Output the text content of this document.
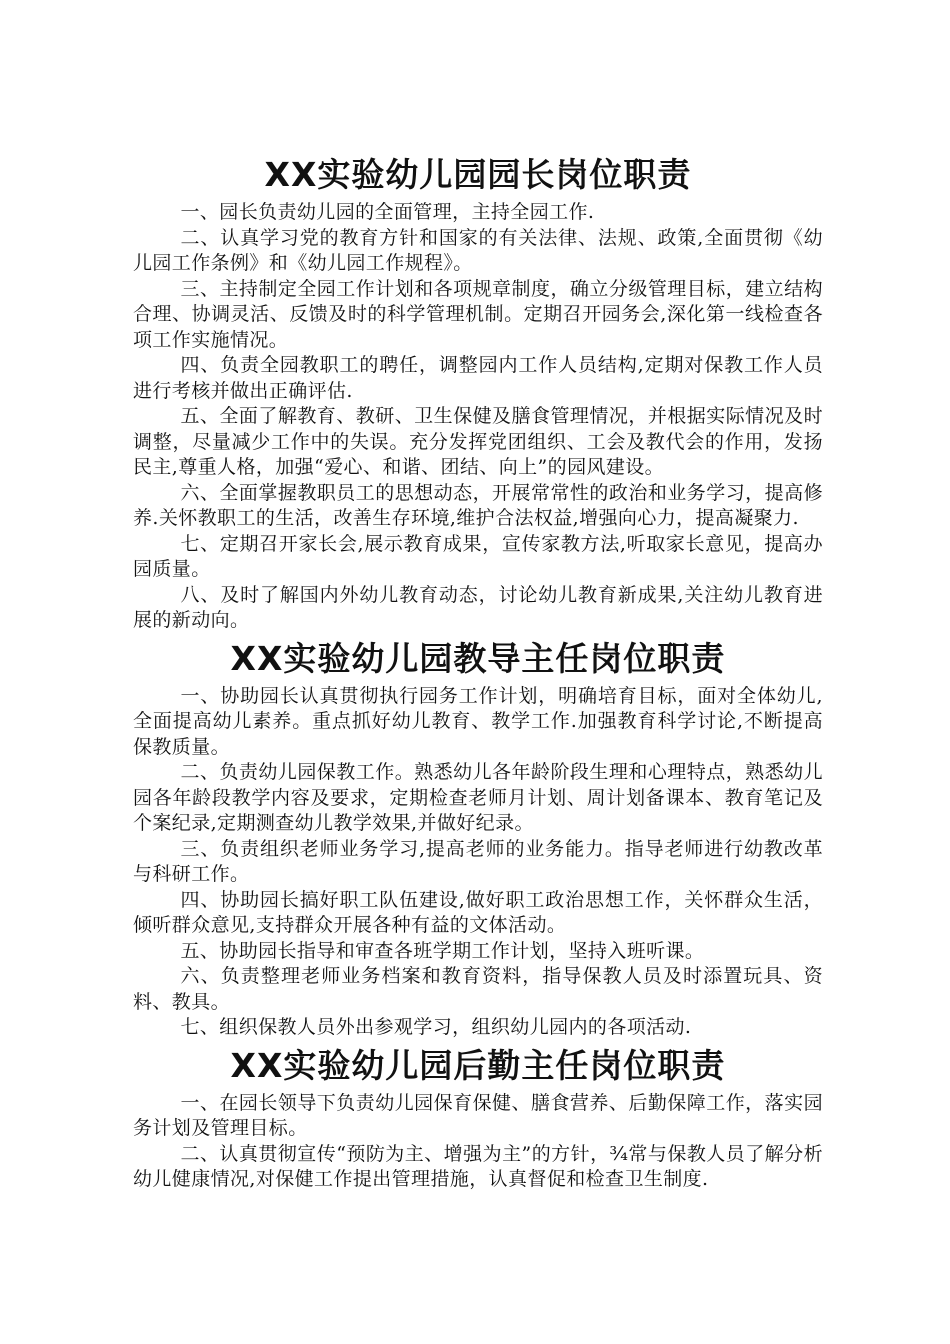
XX实验幼儿园园长岗位职责

一、园长负责幼儿园的全面管理，主持全园工作.

二、认真学习党的教育方针和国家的有关法律、法规、政策,全面贯彻《幼儿园工作条例》和《幼儿园工作规程》。

三、主持制定全园工作计划和各项规章制度，确立分级管理目标，建立结构合理、协调灵活、反馈及时的科学管理机制。定期召开园务会,深化第一线检查各项工作实施情况。

四、负责全园教职工的聘任，调整园内工作人员结构,定期对保教工作人员进行考核并做出正确评估.

五、全面了解教育、教研、卫生保健及膳食管理情况，并根据实际情况及时调整，尽量减少工作中的失误。充分发挥党团组织、工会及教代会的作用，发扬民主,尊重人格，加强“爱心、和谐、团结、向上”的园风建设。

六、全面掌握教职员工的思想动态，开展常常性的政治和业务学习，提高修养.关怀教职工的生活，改善生存环境,维护合法权益,增强向心力，提高凝聚力.

七、定期召开家长会,展示教育成果，宣传家教方法,听取家长意见，提高办园质量。

八、及时了解国内外幼儿教育动态，讨论幼儿教育新成果,关注幼儿教育进展的新动向。

XX实验幼儿园教导主任岗位职责

一、协助园长认真贯彻执行园务工作计划，明确培育目标，面对全体幼儿,全面提高幼儿素养。重点抓好幼儿教育、教学工作.加强教育科学讨论,不断提高保教质量。

二、负责幼儿园保教工作。熟悉幼儿各年龄阶段生理和心理特点，熟悉幼儿园各年龄段教学内容及要求，定期检查老师月计划、周计划备课本、教育笔记及个案纪录,定期测查幼儿教学效果,并做好纪录。

三、负责组织老师业务学习,提高老师的业务能力。指导老师进行幼教改革与科研工作。

四、协助园长搞好职工队伍建设,做好职工政治思想工作，关怀群众生活，倾听群众意见,支持群众开展各种有益的文体活动。

五、协助园长指导和审查各班学期工作计划，坚持入班听课。

六、负责整理老师业务档案和教育资料，指导保教人员及时添置玩具、资料、教具。

七、组织保教人员外出参观学习，组织幼儿园内的各项活动.

XX实验幼儿园后勤主任岗位职责

一、在园长领导下负责幼儿园保育保健、膳食营养、后勤保障工作，落实园务计划及管理目标。

二、认真贯彻宣传“预防为主、增强为主”的方针，¾常与保教人员了解分析幼儿健康情况,对保健工作提出管理措施，认真督促和检查卫生制度.
